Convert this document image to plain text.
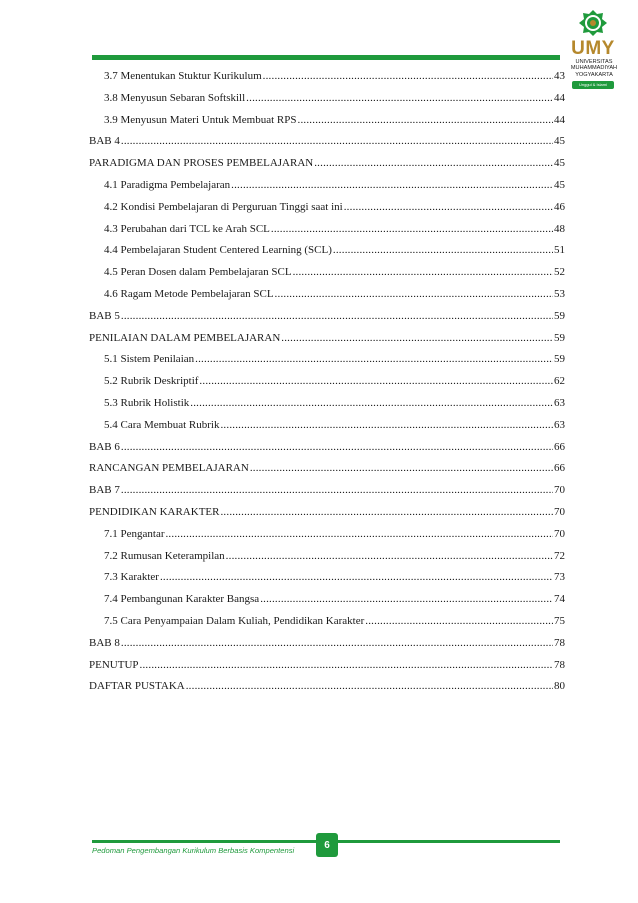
UMY
UNIVERSITAS
MUHAMMADIYAH
YOGYAKARTA
Unggul & Islami
3.7 Menentukan Stuktur Kurikulum .....	43
3.8 Menyusun Sebaran Softskill .....	44
3.9 Menyusun Materi Untuk Membuat RPS .....	44
BAB 4 .....	45
PARADIGMA DAN PROSES PEMBELAJARAN .....	45
4.1 Paradigma Pembelajaran .....	45
4.2 Kondisi Pembelajaran di Perguruan Tinggi saat ini .....	46
4.3 Perubahan dari TCL ke Arah SCL .....	48
4.4 Pembelajaran Student Centered Learning (SCL) .....	51
4.5 Peran Dosen dalam Pembelajaran SCL .....	52
4.6 Ragam Metode Pembelajaran SCL .....	53
BAB 5 .....	59
PENILAIAN DALAM PEMBELAJARAN .....	59
5.1 Sistem Penilaian .....	59
5.2 Rubrik Deskriptif .....	62
5.3 Rubrik Holistik .....	63
5.4 Cara Membuat Rubrik .....	63
BAB 6 .....	66
RANCANGAN PEMBELAJARAN .....	66
BAB 7 .....	70
PENDIDIKAN KARAKTER .....	70
7.1 Pengantar .....	70
7.2 Rumusan Keterampilan .....	72
7.3 Karakter .....	73
7.4 Pembangunan Karakter Bangsa .....	74
7.5 Cara Penyampaian Dalam Kuliah, Pendidikan Karakter .....	75
BAB 8 .....	78
PENUTUP .....	78
DAFTAR PUSTAKA .....	80
6
Pedoman Pengembangan Kurikulum Berbasis Kompentensi
